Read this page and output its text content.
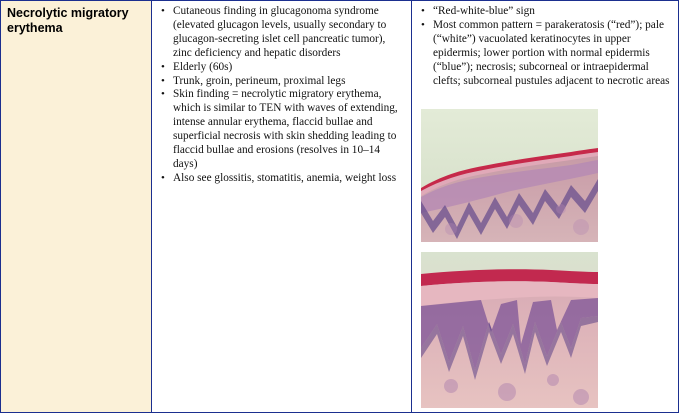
Necrolytic migratory erythema
• Cutaneous finding in glucagonoma syndrome (elevated glucagon levels, usually secondary to glucagon-secreting islet cell pancreatic tumor), zinc deficiency and hepatic disorders
• Elderly (60s)
• Trunk, groin, perineum, proximal legs
• Skin finding = necrolytic migratory erythema, which is similar to TEN with waves of extending, intense annular erythema, flaccid bullae and superficial necrosis with skin shedding leading to flaccid bullae and erosions (resolves in 10–14 days)
• Also see glossitis, stomatitis, anemia, weight loss
• “Red-white-blue” sign
• Most common pattern = parakeratosis (“red”); pale (“white”) vacuolated keratinocytes in upper epidermis; lower portion with normal epidermis (“blue”); necrosis; subcorneal or intraepidermal clefts; subcorneal pustules adjacent to necrotic areas
